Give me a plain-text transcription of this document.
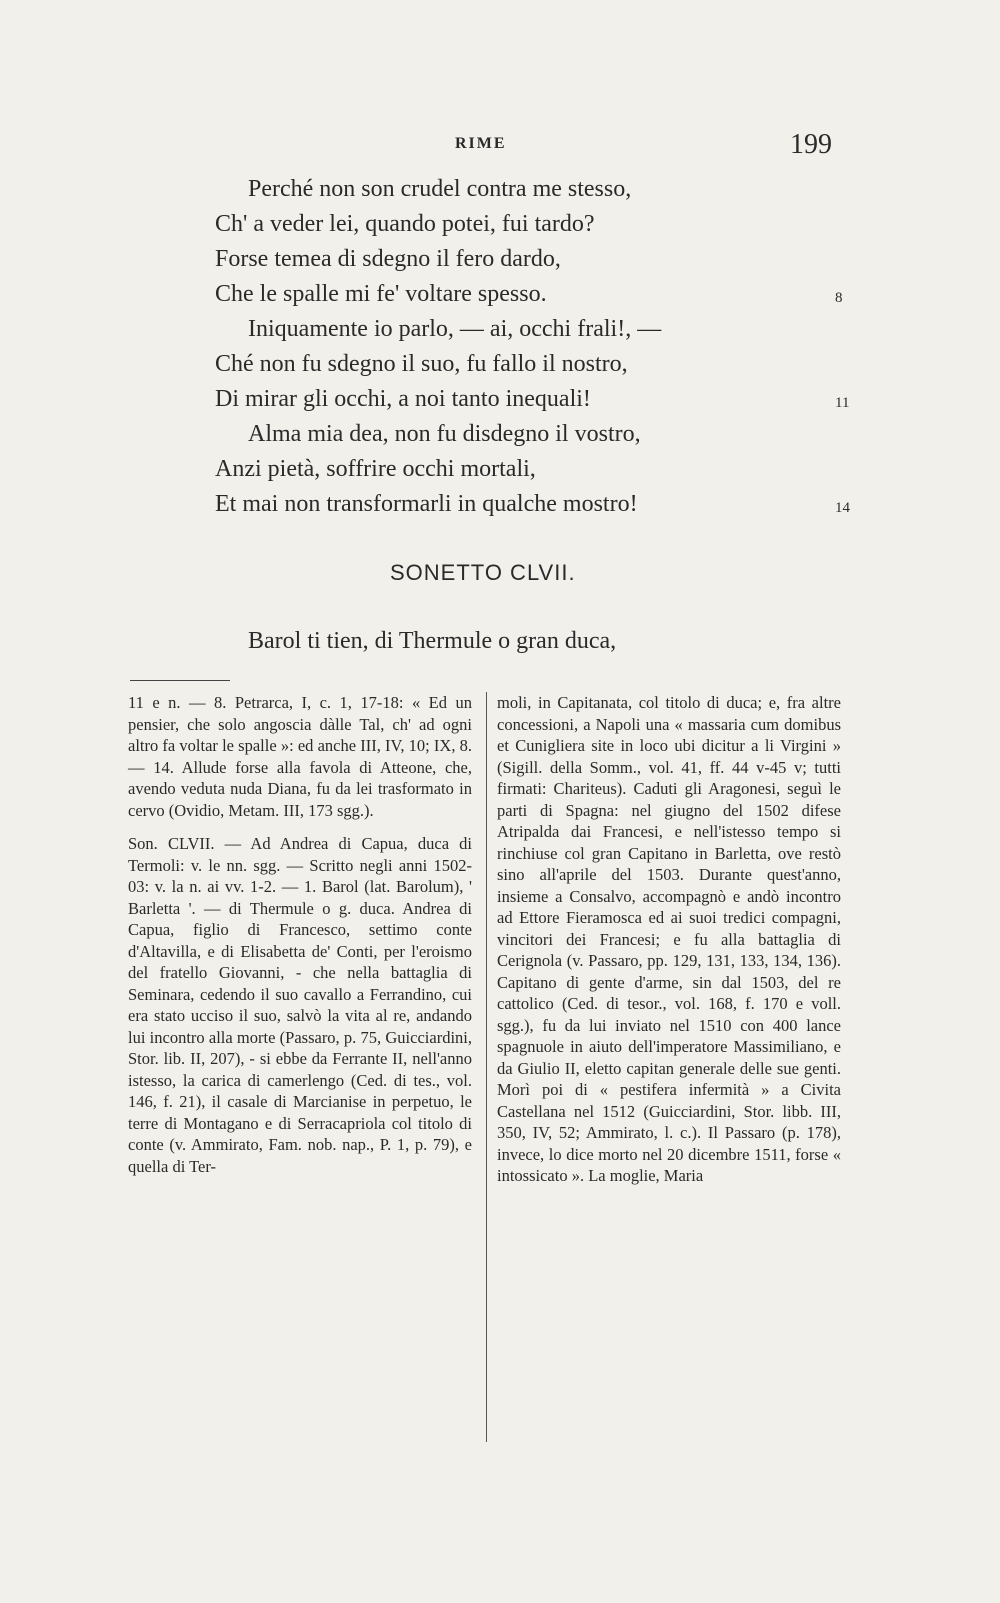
RIME	199
Perché non son crudel contra me stesso,
Ch' a veder lei, quando potei, fui tardo?
Forse temea di sdegno il fero dardo,
Che le spalle mi fe' voltare spesso.	8
Iniquamente io parlo, — ai, occhi frali!, —
Ché non fu sdegno il suo, fu fallo il nostro,
Di mirar gli occhi, a noi tanto inequali!	11
Alma mia dea, non fu disdegno il vostro,
Anzi pietà, soffrire occhi mortali,
Et mai non transformarli in qualche mostro!	14
SONETTO CLVII.
Barol ti tien, di Thermule o gran duca,

11 e n. — 8. Petrarca, I, c. 1, 17-18: « Ed un pensier, che solo angoscia dàlle Tal, ch' ad ogni altro fa voltar le spalle »: ed anche III, IV, 10; IX, 8. — 14. Allude forse alla favola di Atteone, che, avendo veduta nuda Diana, fu da lei trasformato in cervo (Ovidio, Metam. III, 173 sgg.).

Son. CLVII. — Ad Andrea di Capua, duca di Termoli: v. le nn. sgg. — Scritto negli anni 1502-03: v. la n. ai vv. 1-2. — 1. Barol (lat. Barolum), ' Barletta '. — di Thermule o g. duca. Andrea di Capua, figlio di Francesco, settimo conte d'Altavilla, e di Elisabetta de' Conti, per l'eroismo del fratello Giovanni, - che nella battaglia di Seminara, cedendo il suo cavallo a Ferrandino, cui era stato ucciso il suo, salvò la vita al re, andando lui incontro alla morte (Passaro, p. 75, Guicciardini, Stor. lib. II, 207), - si ebbe da Ferrante II, nell'anno istesso, la carica di camerlengo (Ced. di tes., vol. 146, f. 21), il casale di Marcianise in perpetuo, le terre di Montagano e di Serracapriola col titolo di conte (v. Ammirato, Fam. nob. nap., P. 1, p. 79), e quella di Ter-

moli, in Capitanata, col titolo di duca; e, fra altre concessioni, a Napoli una « massaria cum domibus et Cunigliera site in loco ubi dicitur a li Virgini » (Sigill. della Somm., vol. 41, ff. 44 v-45 v; tutti firmati: Chariteus). Caduti gli Aragonesi, seguì le parti di Spagna: nel giugno del 1502 difese Atripalda dai Francesi, e nell'istesso tempo si rinchiuse col gran Capitano in Barletta, ove restò sino all'aprile del 1503. Durante quest'anno, insieme a Consalvo, accompagnò e andò incontro ad Ettore Fieramosca ed ai suoi tredici compagni, vincitori dei Francesi; e fu alla battaglia di Cerignola (v. Passaro, pp. 129, 131, 133, 134, 136). Capitano di gente d'arme, sin dal 1503, del re cattolico (Ced. di tesor., vol. 168, f. 170 e voll. sgg.), fu da lui inviato nel 1510 con 400 lance spagnuole in aiuto dell'imperatore Massimiliano, e da Giulio II, eletto capitan generale delle sue genti. Morì poi di « pestifera infermità » a Civita Castellana nel 1512 (Guicciardini, Stor. libb. III, 350, IV, 52; Ammirato, l. c.). Il Passaro (p. 178), invece, lo dice morto nel 20 dicembre 1511, forse « intossicato ». La moglie, Maria
